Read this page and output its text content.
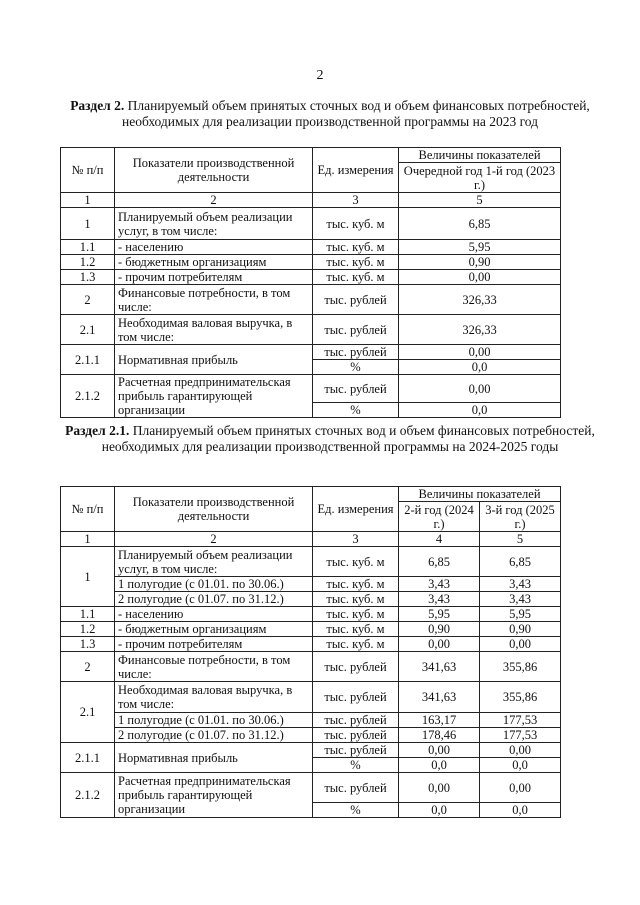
2
Раздел 2. Планируемый объем принятых сточных вод и объем финансовых потребностей, необходимых для реализации производственной программы на 2023 год
№ п/п	Показатели производственной деятельности	Ед. измерения	Величины показателей
			Очередной год 1-й год (2023 г.)
1	2	3	5
1	Планируемый объем реализации услуг, в том числе:	тыс. куб. м	6,85
1.1	- населению	тыс. куб. м	5,95
1.2	- бюджетным организациям	тыс. куб. м	0,90
1.3	- прочим потребителям	тыс. куб. м	0,00
2	Финансовые потребности, в том числе:	тыс. рублей	326,33
2.1	Необходимая валовая выручка, в том числе:	тыс. рублей	326,33
2.1.1	Нормативная прибыль	тыс. рублей	0,00
		%	0,0
2.1.2	Расчетная предпринимательская прибыль гарантирующей организации	тыс. рублей	0,00
		%	0,0
Раздел 2.1. Планируемый объем принятых сточных вод и объем финансовых потребностей, необходимых для реализации производственной программы на 2024-2025 годы
№ п/п	Показатели производственной деятельности	Ед. измерения	Величины показателей	
			2-й год (2024 г.)	3-й год (2025 г.)
1	2	3	4	5
1	Планируемый объем реализации услуг, в том числе:	тыс. куб. м	6,85	6,85
	1 полугодие (с 01.01. по 30.06.)	тыс. куб. м	3,43	3,43
	2 полугодие (с 01.07. по 31.12.)	тыс. куб. м	3,43	3,43
1.1	- населению	тыс. куб. м	5,95	5,95
1.2	- бюджетным организациям	тыс. куб. м	0,90	0,90
1.3	- прочим потребителям	тыс. куб. м	0,00	0,00
2	Финансовые потребности, в том числе:	тыс. рублей	341,63	355,86
2.1	Необходимая валовая выручка, в том числе:	тыс. рублей	341,63	355,86
	1 полугодие (с 01.01. по 30.06.)	тыс. рублей	163,17	177,53
	2 полугодие (с 01.07. по 31.12.)	тыс. рублей	178,46	177,53
2.1.1	Нормативная прибыль	тыс. рублей	0,00	0,00
		%	0,0	0,0
2.1.2	Расчетная предпринимательская прибыль гарантирующей организации	тыс. рублей	0,00	0,00
		%	0,0	0,0
